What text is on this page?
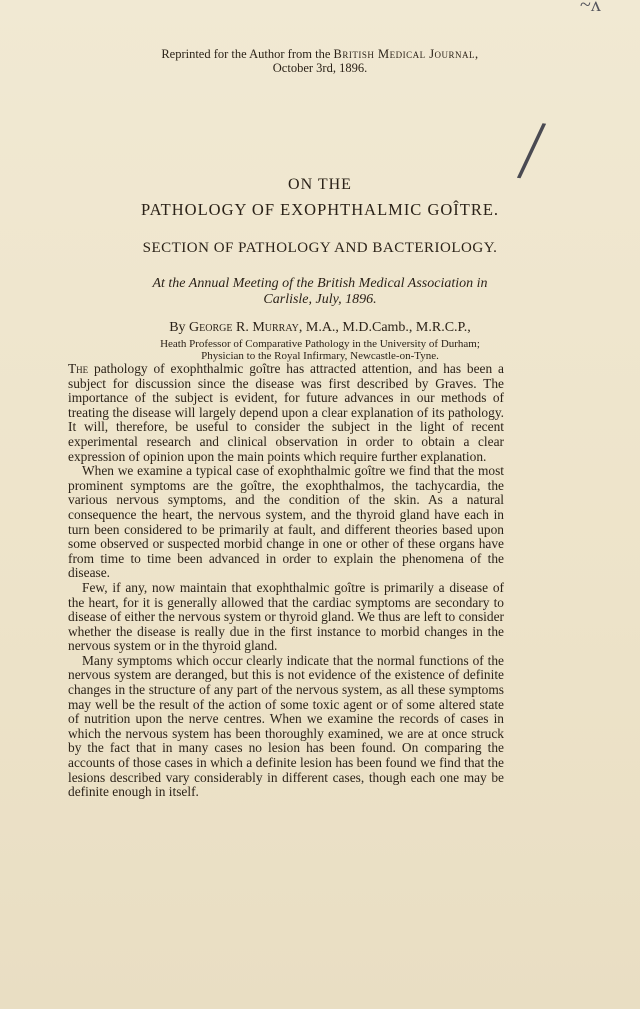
~ʌ
Reprinted for the Author from the British Medical Journal,
October 3rd, 1896.
/
ON THE
PATHOLOGY OF EXOPHTHALMIC GOÎTRE.
SECTION OF PATHOLOGY AND BACTERIOLOGY.
At the Annual Meeting of the British Medical Association in
Carlisle, July, 1896.
By George R. Murray, M.A., M.D.Camb., M.R.C.P.,
Heath Professor of Comparative Pathology in the University of Durham;
Physician to the Royal Infirmary, Newcastle-on-Tyne.

The pathology of exophthalmic goître has attracted attention, and has been a subject for discussion since the disease was first described by Graves. The importance of the subject is evident, for future advances in our methods of treating the disease will largely depend upon a clear explanation of its pathology. It will, therefore, be useful to consider the subject in the light of recent experimental research and clinical observation in order to obtain a clear expression of opinion upon the main points which require further explanation.

When we examine a typical case of exophthalmic goître we find that the most prominent symptoms are the goître, the exophthalmos, the tachycardia, the various nervous symptoms, and the condition of the skin. As a natural consequence the heart, the nervous system, and the thyroid gland have each in turn been considered to be primarily at fault, and different theories based upon some observed or suspected morbid change in one or other of these organs have from time to time been advanced in order to explain the phenomena of the disease.

Few, if any, now maintain that exophthalmic goître is primarily a disease of the heart, for it is generally allowed that the cardiac symptoms are secondary to disease of either the nervous system or thyroid gland. We thus are left to consider whether the disease is really due in the first instance to morbid changes in the nervous system or in the thyroid gland.

Many symptoms which occur clearly indicate that the normal functions of the nervous system are deranged, but this is not evidence of the existence of definite changes in the structure of any part of the nervous system, as all these symptoms may well be the result of the action of some toxic agent or of some altered state of nutrition upon the nerve centres. When we examine the records of cases in which the nervous system has been thoroughly examined, we are at once struck by the fact that in many cases no lesion has been found. On comparing the accounts of those cases in which a definite lesion has been found we find that the lesions described vary considerably in different cases, though each one may be definite enough in itself.
